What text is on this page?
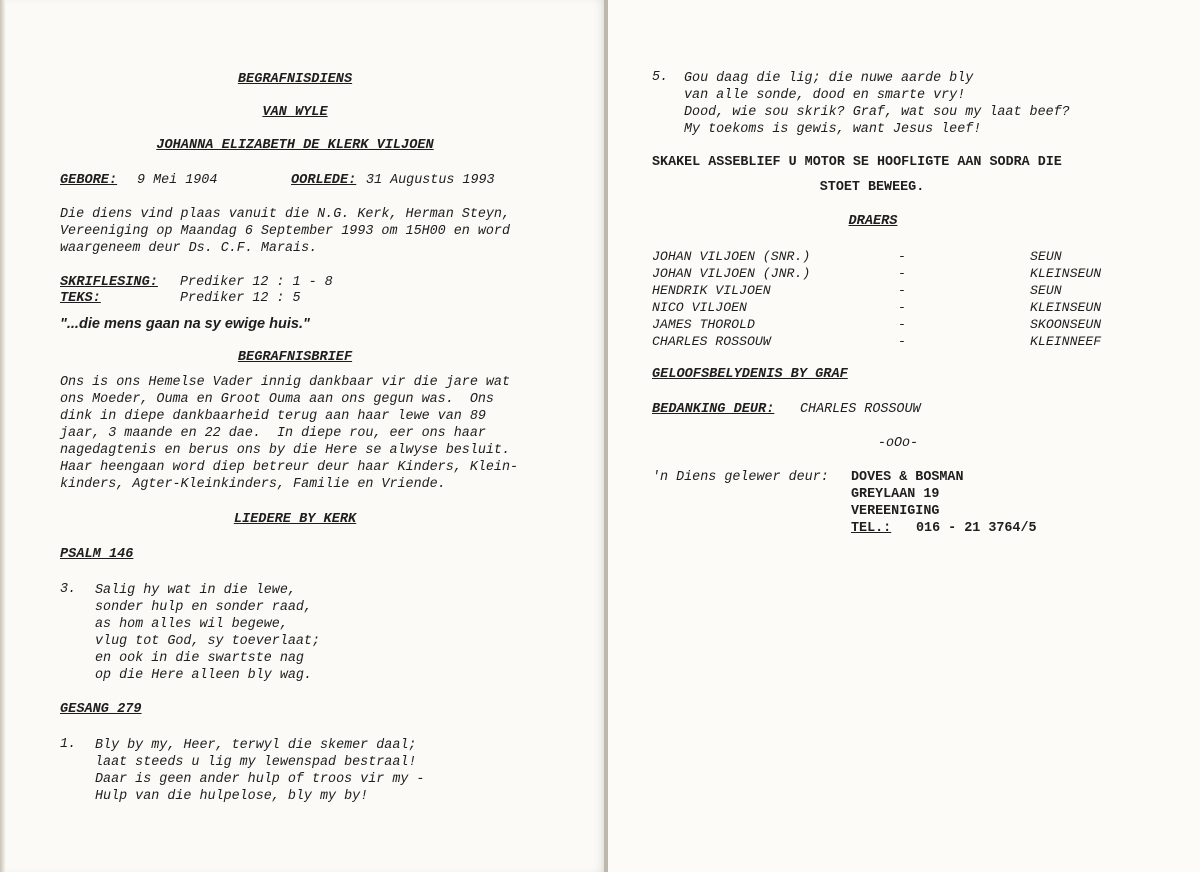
BEGRAFNISDIENS
VAN WYLE
JOHANNA ELIZABETH DE KLERK VILJOEN
GEBORE: 9 Mei 1904	OORLEDE: 31 Augustus 1993
Die diens vind plaas vanuit die N.G. Kerk, Herman Steyn,
Vereeniging op Maandag 6 September 1993 om 15H00 en word
waargeneem deur Ds. C.F. Marais.
SKRIFLESING: Prediker 12 : 1 - 8
TEKS:	Prediker 12 : 5
"...die mens gaan na sy ewige huis."
BEGRAFNISBRIEF
Ons is ons Hemelse Vader innig dankbaar vir die jare wat
ons Moeder, Ouma en Groot Ouma aan ons gegun was.  Ons
dink in diepe dankbaarheid terug aan haar lewe van 89
jaar, 3 maande en 22 dae.  In diepe rou, eer ons haar
nagedagtenis en berus ons by die Here se alwyse besluit.
Haar heengaan word diep betreur deur haar Kinders, Klein-
kinders, Agter-Kleinkinders, Familie en Vriende.
LIEDERE BY KERK
PSALM 146
3. Salig hy wat in die lewe,
sonder hulp en sonder raad,
as hom alles wil begewe,
vlug tot God, sy toeverlaat;
en ook in die swartste nag
op die Here alleen bly wag.
GESANG 279
1. Bly by my, Heer, terwyl die skemer daal;
laat steeds u lig my lewenspad bestraal!
Daar is geen ander hulp of troos vir my -
Hulp van die hulpelose, bly my by!
5. Gou daag die lig; die nuwe aarde bly
van alle sonde, dood en smarte vry!
Dood, wie sou skrik? Graf, wat sou my laat beef?
My toekoms is gewis, want Jesus leef!
SKAKEL ASSEBLIEF U MOTOR SE HOOFLIGTE AAN SODRA DIE
STOET BEWEEG.
DRAERS
JOHAN VILJOEN (SNR.)	-	SEUN
JOHAN VILJOEN (JNR.)	-	KLEINSEUN
HENDRIK VILJOEN	-	SEUN
NICO VILJOEN	-	KLEINSEUN
JAMES THOROLD	-	SKOONSEUN
CHARLES ROSSOUW	-	KLEINNEEF
GELOOFSBELYDENIS BY GRAF
BEDANKING DEUR: CHARLES ROSSOUW
-oOo-
'n Diens gelewer deur: DOVES & BOSMAN
GREYLAAN 19
VEREENIGING
TEL.: 016 - 21 3764/5
